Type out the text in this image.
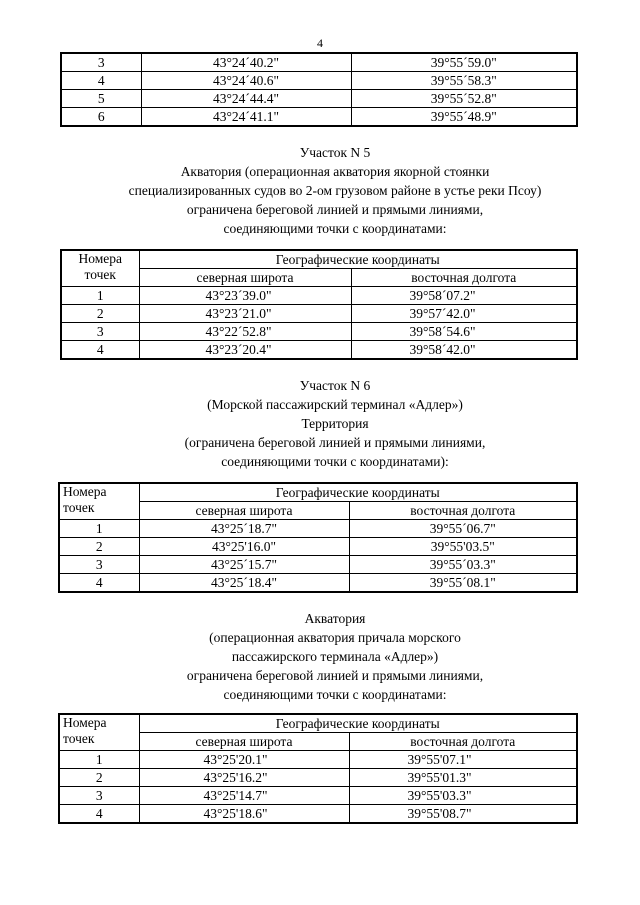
4
3	43°24´40.2"	39°55´59.0"
4	43°24´40.6"	39°55´58.3"
5	43°24´44.4"	39°55´52.8"
6	43°24´41.1"	39°55´48.9"
Участок N 5
Акватория (операционная акватория якорной стоянки
специализированных судов во 2-ом грузовом районе в устье реки Псоу)
ограничена береговой линией и прямыми линиями,
соединяющими точки с координатами:
Номера
точек	Географические координаты	
	северная широта	восточная долгота
1	43°23´39.0"	39°58´07.2"
2	43°23´21.0"	39°57´42.0"
3	43°22´52.8"	39°58´54.6"
4	43°23´20.4"	39°58´42.0"
Участок N 6
(Морской пассажирский терминал «Адлер»)
Территория
(ограничена береговой линией и прямыми линиями,
соединяющими точки с координатами):
Номера
точек	Географические координаты	
	северная широта	восточная долгота
1	43°25´18.7"	39°55´06.7"
2	43°25'16.0"	39°55'03.5"
3	43°25´15.7"	39°55´03.3"
4	43°25´18.4"	39°55´08.1"
Акватория
(операционная акватория причала морского
пассажирского терминала «Адлер»)
ограничена береговой линией и прямыми линиями,
соединяющими точки с координатами:
Номера
точек	Географические координаты	
	северная широта	восточная долгота
1	43°25'20.1"	39°55'07.1"
2	43°25'16.2"	39°55'01.3"
3	43°25'14.7"	39°55'03.3"
4	43°25'18.6"	39°55'08.7"
